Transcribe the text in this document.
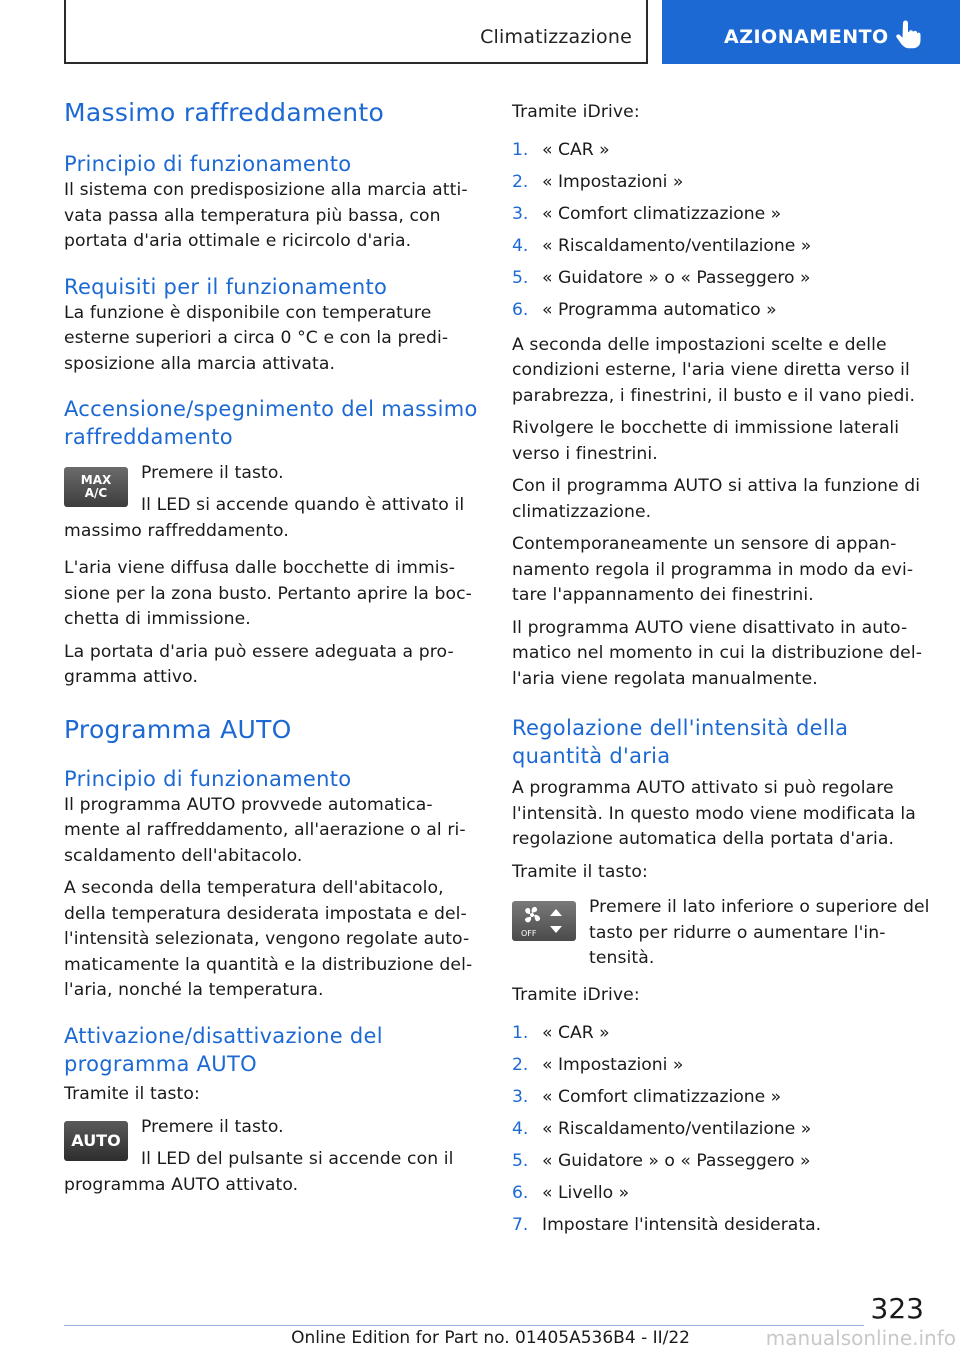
Climatizzazione	AZIONAMENTO
Massimo raffreddamento
Principio di funzionamento

Il sistema con predisposizione alla marcia atti-vata passa alla temperatura più bassa, con portata d'aria ottimale e ricircolo d'aria.

Requisiti per il funzionamento

La funzione è disponibile con temperature esterne superiori a circa 0 °C e con la predi-sposizione alla marcia attivata.

Accensione/spegnimento del massimo raffreddamento
MAX
A/C

Premere il tasto.

Il LED si accende quando è attivato il massimo raffreddamento.

L'aria viene diffusa dalle bocchette di immis-sione per la zona busto. Pertanto aprire la boc-chetta di immissione.

La portata d'aria può essere adeguata a pro-gramma attivo.

Programma AUTO
Principio di funzionamento

Il programma AUTO provvede automatica-mente al raffreddamento, all'aerazione o al ri-scaldamento dell'abitacolo.

A seconda della temperatura dell'abitacolo, della temperatura desiderata impostata e del-l'intensità selezionata, vengono regolate auto-maticamente la quantità e la distribuzione del-l'aria, nonché la temperatura.

Attivazione/disattivazione del programma AUTO

Tramite il tasto:

AUTO

Premere il tasto.

Il LED del pulsante si accende con il programma AUTO attivato.

Tramite iDrive:

1. « CAR »
2. « Impostazioni »
3. « Comfort climatizzazione »
4. « Riscaldamento/ventilazione »
5. « Guidatore » o « Passeggero »
6. « Programma automatico »

A seconda delle impostazioni scelte e delle condizioni esterne, l'aria viene diretta verso il parabrezza, i finestrini, il busto e il vano piedi.

Rivolgere le bocchette di immissione laterali verso i finestrini.

Con il programma AUTO si attiva la funzione di climatizzazione.

Contemporaneamente un sensore di appan-namento regola il programma in modo da evi-tare l'appannamento dei finestrini.

Il programma AUTO viene disattivato in auto-matico nel momento in cui la distribuzione del-l'aria viene regolata manualmente.

Regolazione dell'intensità della quantità d'aria

A programma AUTO attivato si può regolare l'intensità. In questo modo viene modificata la regolazione automatica della portata d'aria.

Tramite il tasto:

OFF

Premere il lato inferiore o superiore del tasto per ridurre o aumentare l'in-tensità.

Tramite iDrive:

1. « CAR »
2. « Impostazioni »
3. « Comfort climatizzazione »
4. « Riscaldamento/ventilazione »
5. « Guidatore » o « Passeggero »
6. « Livello »
7. Impostare l'intensità desiderata.
323
Online Edition for Part no. 01405A536B4 - II/22	manualsonline.info
